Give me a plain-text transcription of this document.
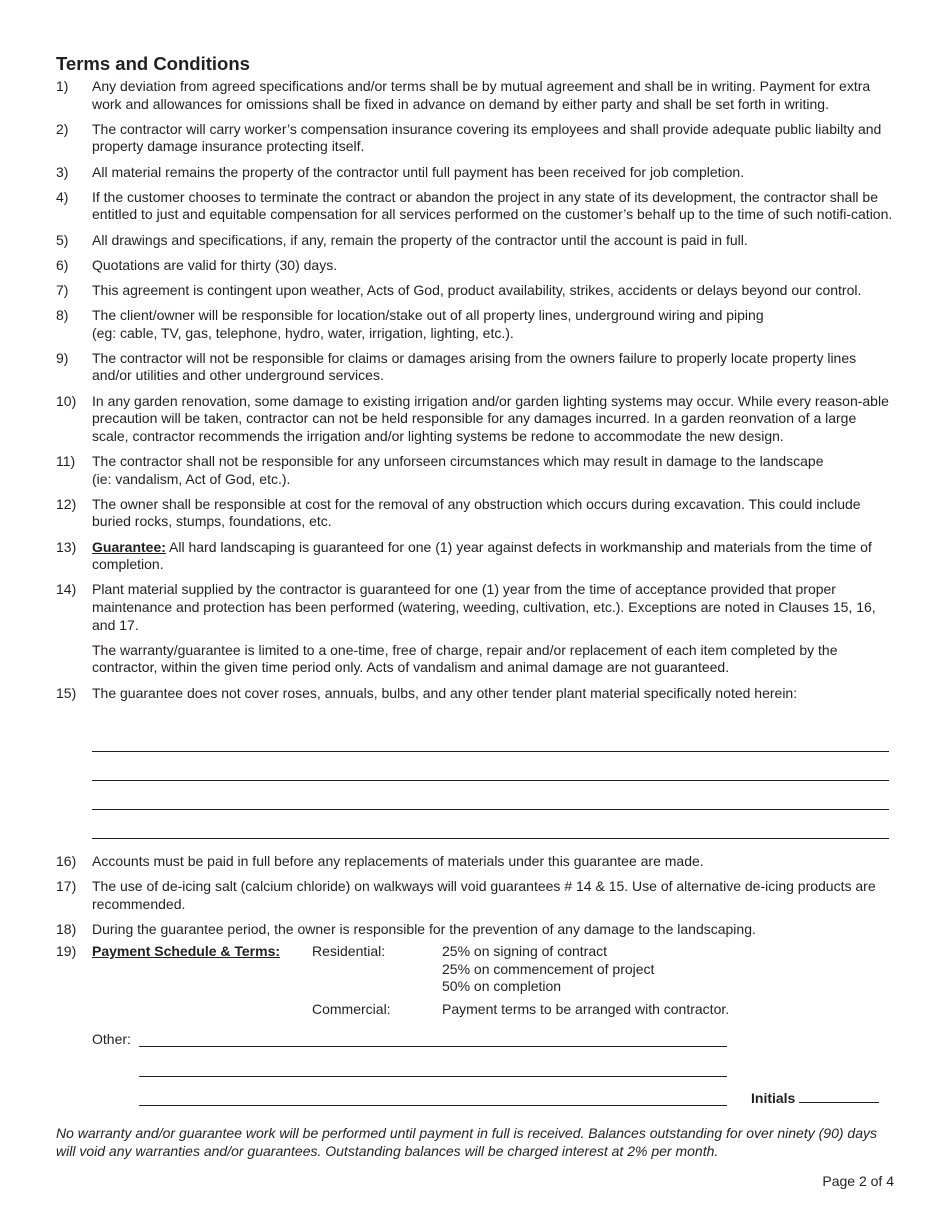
Terms and Conditions
1) Any deviation from agreed specifications and/or terms shall be by mutual agreement and shall be in writing. Payment for extra work and allowances for omissions shall be fixed in advance on demand by either party and shall be set forth in writing.
2) The contractor will carry worker’s compensation insurance covering its employees and shall provide adequate public liabilty and property damage insurance protecting itself.
3) All material remains the property of the contractor until full payment has been received for job completion.
4) If the customer chooses to terminate the contract or abandon the project in any state of its development, the contractor shall be entitled to just and equitable compensation for all services performed on the customer’s behalf up to the time of such notifi-cation.
5) All drawings and specifications, if any, remain the property of the contractor until the account is paid in full.
6) Quotations are valid for thirty (30) days.
7) This agreement is contingent upon weather, Acts of God, product availability, strikes, accidents or delays beyond our control.
8) The client/owner will be responsible for location/stake out of all property lines, underground wiring and piping
(eg: cable, TV, gas, telephone, hydro, water, irrigation, lighting, etc.).
9) The contractor will not be responsible for claims or damages arising from the owners failure to properly locate property lines and/or utilities and other underground services.
10) In any garden renovation, some damage to existing irrigation and/or garden lighting systems may occur. While every reason-able precaution will be taken, contractor can not be held responsible for any damages incurred. In a garden reonvation of a large scale, contractor recommends the irrigation and/or lighting systems be redone to accommodate the new design.
11) The contractor shall not be responsible for any unforseen circumstances which may result in damage to the landscape
(ie: vandalism, Act of God, etc.).
12) The owner shall be responsible at cost for the removal of any obstruction which occurs during excavation. This could include buried rocks, stumps, foundations, etc.
13) Guarantee: All hard landscaping is guaranteed for one (1) year against defects in workmanship and materials from the time of completion.
14) Plant material supplied by the contractor is guaranteed for one (1) year from the time of acceptance provided that proper maintenance and protection has been performed (watering, weeding, cultivation, etc.). Exceptions are noted in Clauses 15, 16, and 17.
The warranty/guarantee is limited to a one-time, free of charge, repair and/or replacement of each item completed by the contractor, within the given time period only. Acts of vandalism and animal damage are not guaranteed.
15) The guarantee does not cover roses, annuals, bulbs, and any other tender plant material specifically noted herein:
16) Accounts must be paid in full before any replacements of materials under this guarantee are made.
17) The use of de-icing salt (calcium chloride) on walkways will void guarantees # 14 & 15. Use of alternative de-icing products are recommended.
18) During the guarantee period, the owner is responsible for the prevention of any damage to the landscaping.
19) Payment Schedule & Terms: Residential:	25% on signing of contract
25% on commencement of project
50% on completion
Commercial:	Payment terms to be arranged with contractor.
Other:
Initials
No warranty and/or guarantee work will be performed until payment in full is received. Balances outstanding for over ninety (90) days will void any warranties and/or guarantees. Outstanding balances will be charged interest at 2% per month.
Page 2 of 4
